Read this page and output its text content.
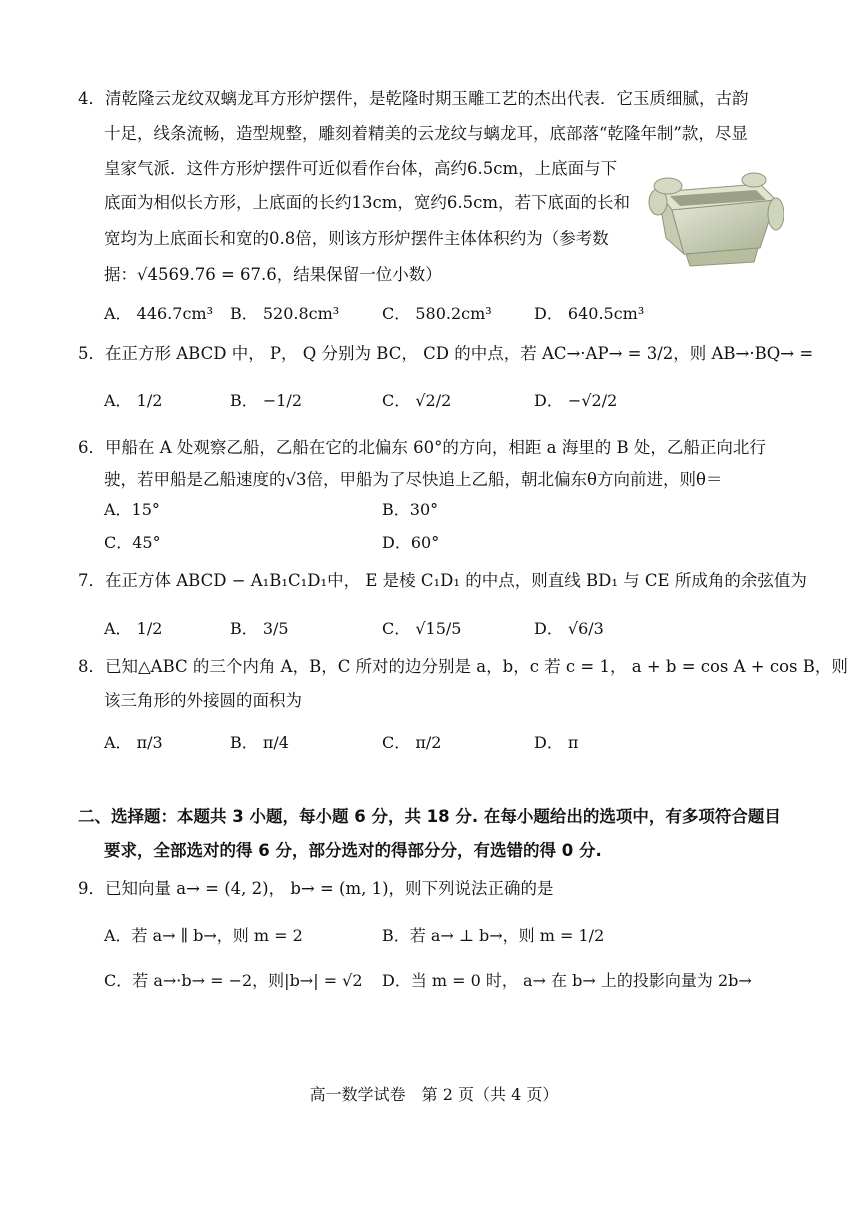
4．清乾隆云龙纹双螭龙耳方形炉摆件，是乾隆时期玉雕工艺的杰出代表．它玉质细腻，古韵
十足，线条流畅，造型规整，雕刻着精美的云龙纹与螭龙耳，底部落“乾隆年制”款，尽显
皇家气派．这件方形炉摆件可近似看作台体，高约6.5cm，上底面与下
底面为相似长方形，上底面的长约13cm，宽约6.5cm，若下底面的长和
宽均为上底面长和宽的0.8倍，则该方形炉摆件主体体积约为（参考数
据：√4569.76 = 67.6，结果保留一位小数）
A． 446.7cm³ B． 520.8cm³	C． 580.2cm³	D． 640.5cm³
5．在正方形 ABCD 中， P， Q 分别为 BC， CD 的中点，若 AC→·AP→ = 3/2，则 AB→·BQ→ =
A． 1/2	B． −1/2	C． √2/2	D． −√2/2
6．甲船在 A 处观察乙船，乙船在它的北偏东 60°的方向，相距 a 海里的 B 处，乙船正向北行
驶，若甲船是乙船速度的√3倍，甲船为了尽快追上乙船，朝北偏东θ方向前进，则θ＝
A．15°	B．30°
C．45°	D．60°
7．在正方体 ABCD − A₁B₁C₁D₁中， E 是棱 C₁D₁ 的中点，则直线 BD₁ 与 CE 所成角的余弦值为
A． 1/2	B． 3/5	C． √15/5	D． √6/3
8．已知△ABC 的三个内角 A，B，C 所对的边分别是 a，b，c 若 c = 1， a + b = cos A + cos B，则
该三角形的外接圆的面积为
A． π/3	B． π/4	C． π/2	D． π
二、选择题：本题共 3 小题，每小题 6 分，共 18 分. 在每小题给出的选项中，有多项符合题目
要求，全部选对的得 6 分，部分选对的得部分分，有选错的得 0 分.
9．已知向量 a→ = (4, 2)， b→ = (m, 1)，则下列说法正确的是
A．若 a→ ∥ b→，则 m = 2	B．若 a→ ⊥ b→，则 m = 1/2
C．若 a→·b→ = −2，则|b→| = √2 D．当 m = 0 时， a→ 在 b→ 上的投影向量为 2b→
高一数学试卷　第 2 页（共 4 页）
